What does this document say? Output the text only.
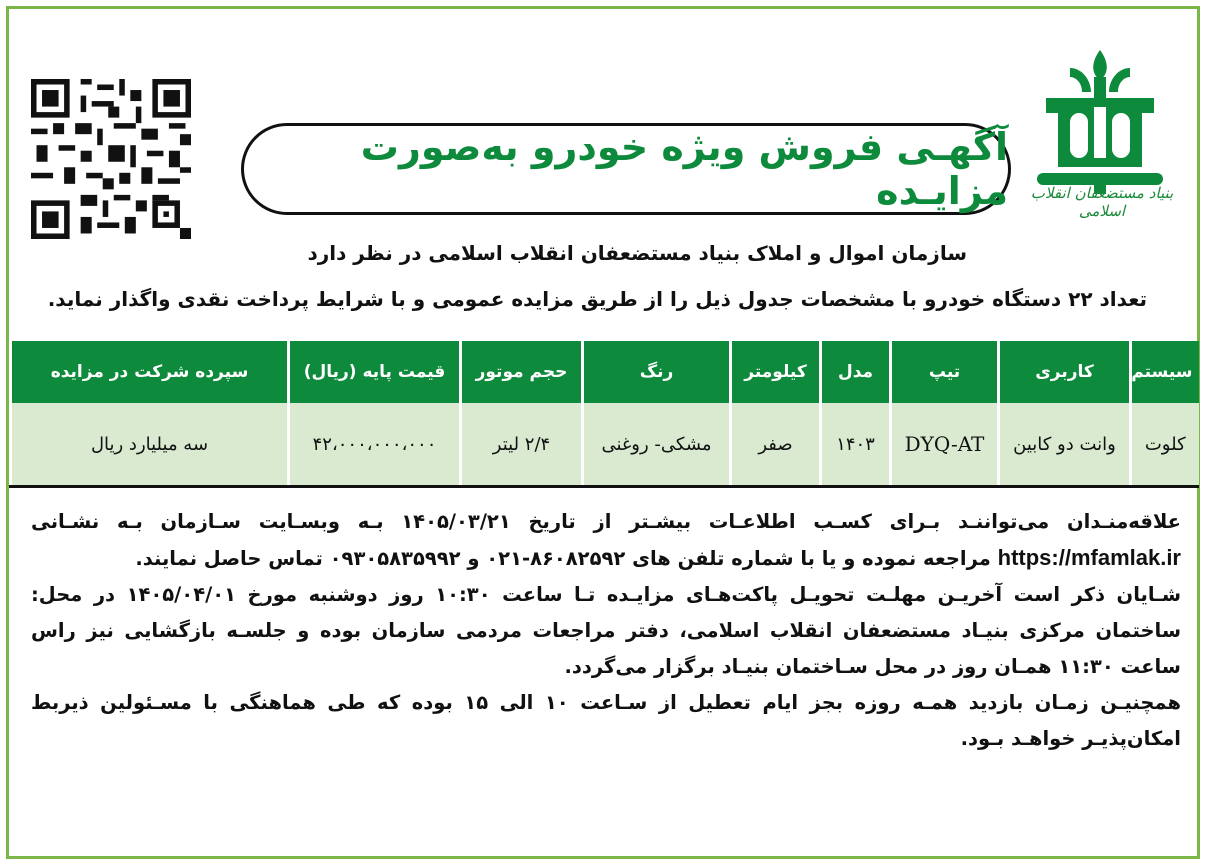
بنیاد مستضعفان انقلاب اسلامی
آگهـی فروش ویژه خودرو به‌صورت مزایـده
سازمان اموال و املاک بنیاد مستضعفان انقلاب اسلامی در نظر دارد
تعداد ۲۲ دستگاه خودرو با مشخصات جدول ذیل را از طریق مزایده عمومی و با شرایط پرداخت نقدی واگذار نماید.
سیستم	کاربری	تیپ	مدل	کیلومتر	رنگ	حجم موتور	قیمت پایه (ریال)	سپرده شرکت در مزایده
کلوت	وانت دو کابین	DYQ-AT	۱۴۰۳	صفر	مشکی- روغنی	۲/۴ لیتر	۴۲،۰۰۰،۰۰۰،۰۰۰	سه میلیارد ریال

علاقه‌منـدان می‌تواننـد بـرای کسـب اطلاعـات بیشـتر از تاریخ ۱۴۰۵/۰۳/۲۱ بـه وبسـایت سـازمان بـه نشـانی https://mfamlak.ir مراجعه نموده و یا با شماره تلفن های ۸۶۰۸۲۵۹۲-۰۲۱ و ۰۹۳۰۵۸۳۵۹۹۲ تماس حاصل نمایند.

شـایان ذکر است آخریـن مهلـت تحویـل پاکت‌هـای مزایـده تـا ساعت ۱۰:۳۰ روز دوشنبه مورخ ۱۴۰۵/۰۴/۰۱ در محل: ساختمان مرکزی بنیـاد مستضعفان انقلاب اسلامی، دفتر مراجعات مردمی سازمان بوده و جلسـه بازگشایی نیز راس ساعت ۱۱:۳۰ همـان روز در محل سـاختمان بنیـاد برگزار می‌گردد.

همچنیـن زمـان بازدید همـه روزه بجز ایام تعطیل از سـاعت ۱۰ الی ۱۵ بوده که طی هماهنگی با مسـئولین ذیربط امکان‌پذیـر خواهـد بـود.
